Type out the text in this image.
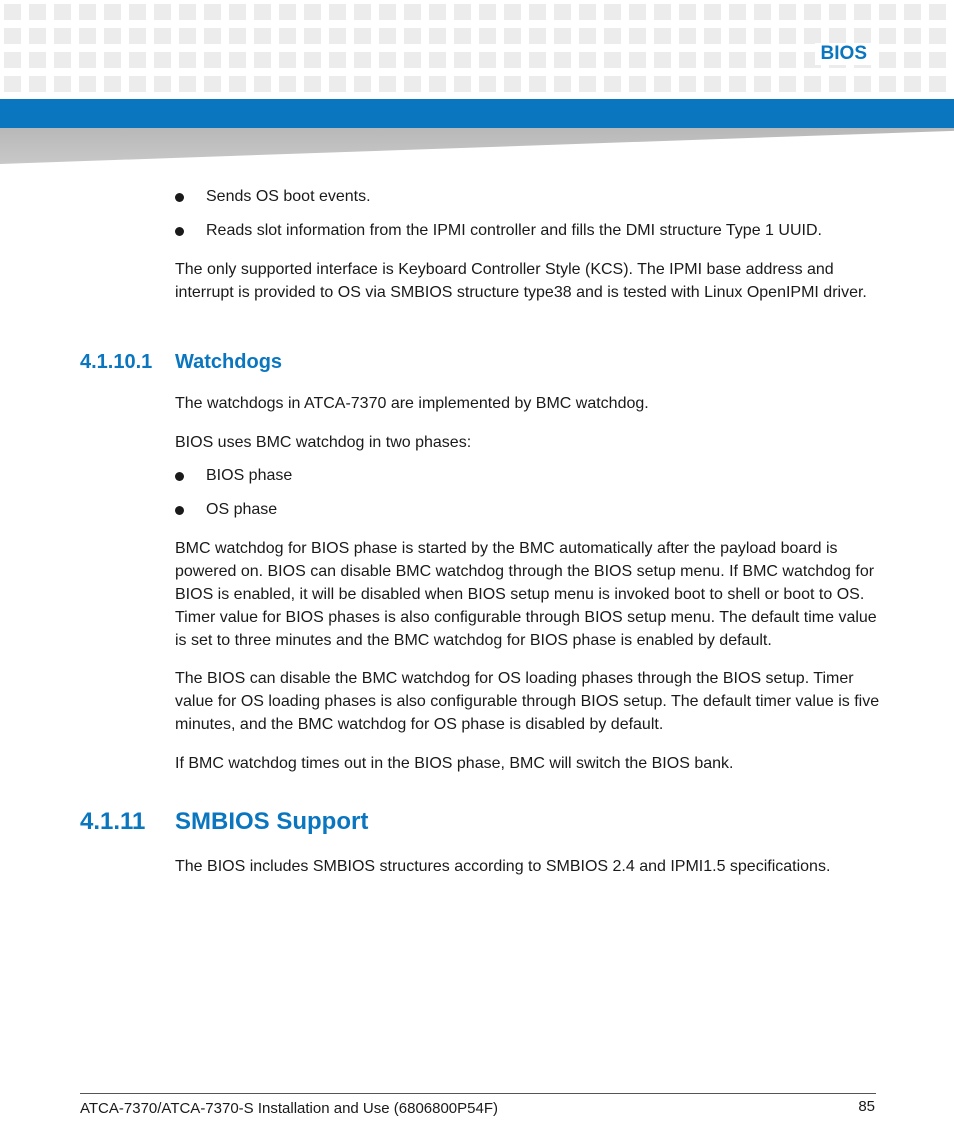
BIOS
Sends OS boot events.
Reads slot information from the IPMI controller and fills the DMI structure Type 1 UUID.

The only supported interface is Keyboard Controller Style (KCS). The IPMI base address and interrupt is provided to OS via SMBIOS structure type38 and is tested with Linux OpenIPMI driver.

4.1.10.1 Watchdogs

The watchdogs in ATCA-7370 are implemented by BMC watchdog.

BIOS uses BMC watchdog in two phases:

BIOS phase
OS phase

BMC watchdog for BIOS phase is started by the BMC automatically after the payload board is powered on. BIOS can disable BMC watchdog through the BIOS setup menu. If BMC watchdog for BIOS is enabled, it will be disabled when BIOS setup menu is invoked boot to shell or boot to OS. Timer value for BIOS phases is also configurable through BIOS setup menu. The default time value is set to three minutes and the BMC watchdog for BIOS phase is enabled by default.

The BIOS can disable the BMC watchdog for OS loading phases through the BIOS setup. Timer value for OS loading phases is also configurable through BIOS setup. The default timer value is five minutes, and the BMC watchdog for OS phase is disabled by default.

If BMC watchdog times out in the BIOS phase, BMC will switch the BIOS bank.

4.1.11 SMBIOS Support

The BIOS includes SMBIOS structures according to SMBIOS 2.4 and IPMI1.5 specifications.

ATCA-7370/ATCA-7370-S Installation and Use (6806800P54F)	85
